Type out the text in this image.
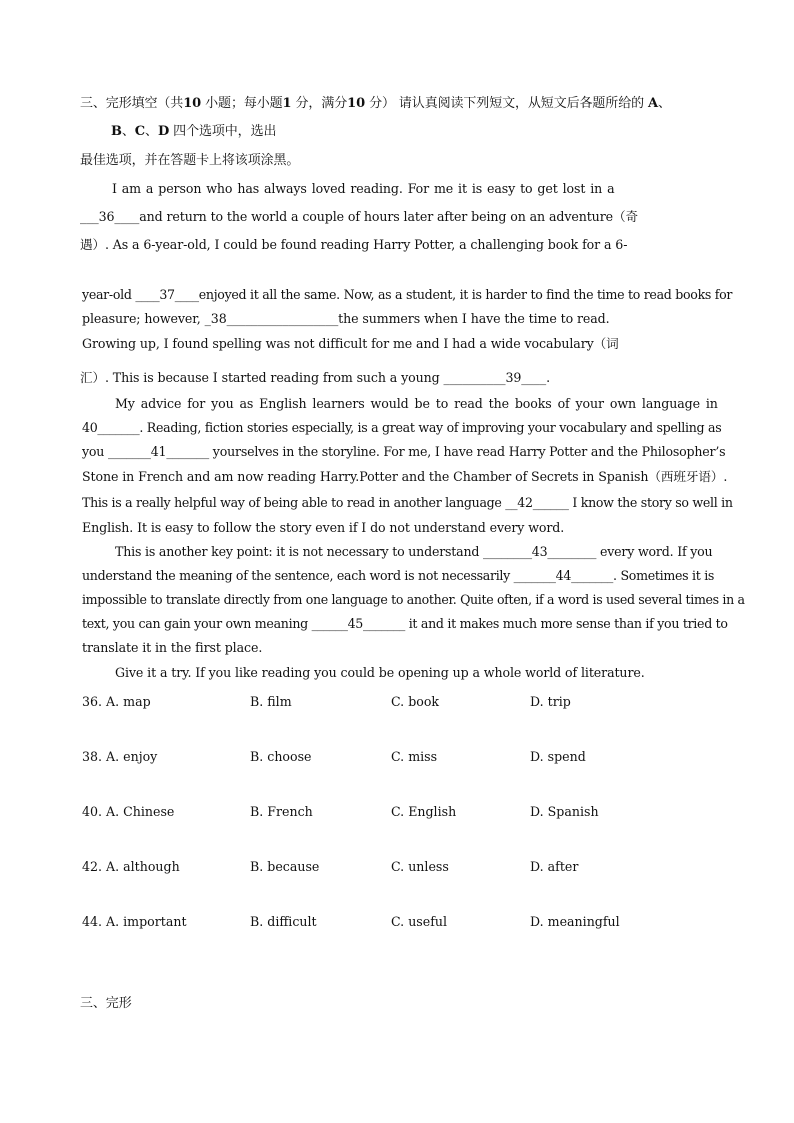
三、完形填空（共10 小题；每小题1 分，满分10 分） 请认真阅读下列短文，从短文后各题所给的 A、
B、C、D 四个选项中，选出
最佳选项，并在答题卡上将该项涂黑。
I am a person who has always loved reading. For me it is easy to get lost in a
___36____and return to the world a couple of hours later after being on an adventure（奇
遇）. As a 6-year-old, I could be found reading Harry Potter, a challenging book for a 6-
year-old ____37____enjoyed it all the same. Now, as a student, it is harder to find the time to read books for
pleasure; however, _38__________________the summers when I have the time to read.
Growing up, I found spelling was not difficult for me and I had a wide vocabulary（词
汇）. This is because I started reading from such a young __________39____.
My advice for you as English learners would be to read the books of your own language in
40_______. Reading, fiction stories especially, is a great way of improving your vocabulary and spelling as
you _______41_______ yourselves in the storyline. For me, I have read Harry Potter and the Philosopher’s
Stone in French and am now reading Harry.Potter and the Chamber of Secrets in Spanish（西班牙语）.
This is a really helpful way of being able to read in another language __42______ I know the story so well in
English. It is easy to follow the story even if I do not understand every word.
This is another key point: it is not necessary to understand ________43________ every word. If you
understand the meaning of the sentence, each word is not necessarily _______44_______. Sometimes it is
impossible to translate directly from one language to another. Quite often, if a word is used several times in a
text, you can gain your own meaning ______45_______ it and it makes much more sense than if you tried to
translate it in the first place.
Give it a try. If you like reading you could be opening up a whole world of literature.
36. A. map	B. film	C. book	D. trip
38. A. enjoy	B. choose	C. miss	D. spend
40. A. Chinese	B. French	C. English	D. Spanish
42. A. although	B. because	C. unless	D. after
44. A. important	B. difficult	C. useful	D. meaningful
三、完形
